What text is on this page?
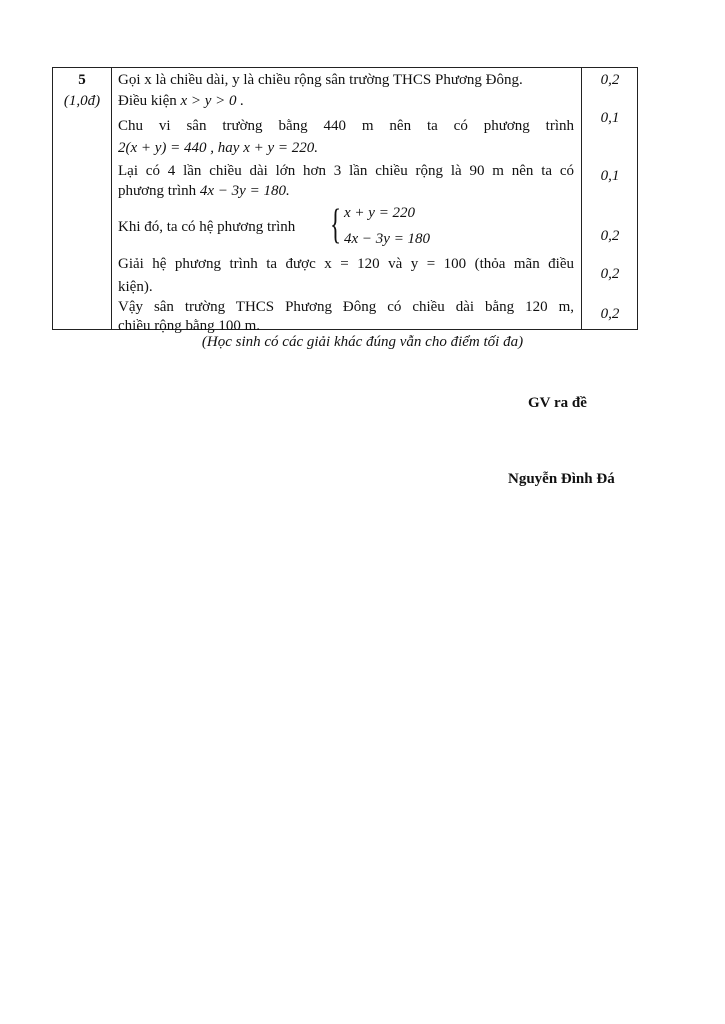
5
(1,0đ)
Gọi x là chiều dài, y là chiều rộng sân trường THCS Phương Đông.
Điều kiện x > y > 0 .
Chu vi sân trường bằng 440 m nên ta có phương trình
2(x + y) = 440 , hay x + y = 220.
Lại có 4 lần chiều dài lớn hơn 3 lần chiều rộng là 90 m nên ta có
phương trình 4x − 3y = 180.
Khi đó, ta có hệ phương trình { x + y = 220
4x − 3y = 180
Giải hệ phương trình ta được x = 120 và y = 100 (thỏa mãn điều
kiện).
Vậy sân trường THCS Phương Đông có chiều dài bằng 120 m,
chiều rộng bằng 100 m.
0,2
0,1
0,1
0,2
0,2
0,2
(Học sinh có các giải khác đúng vẫn cho điểm tối đa)
GV ra đề
Nguyễn Đình Đá
